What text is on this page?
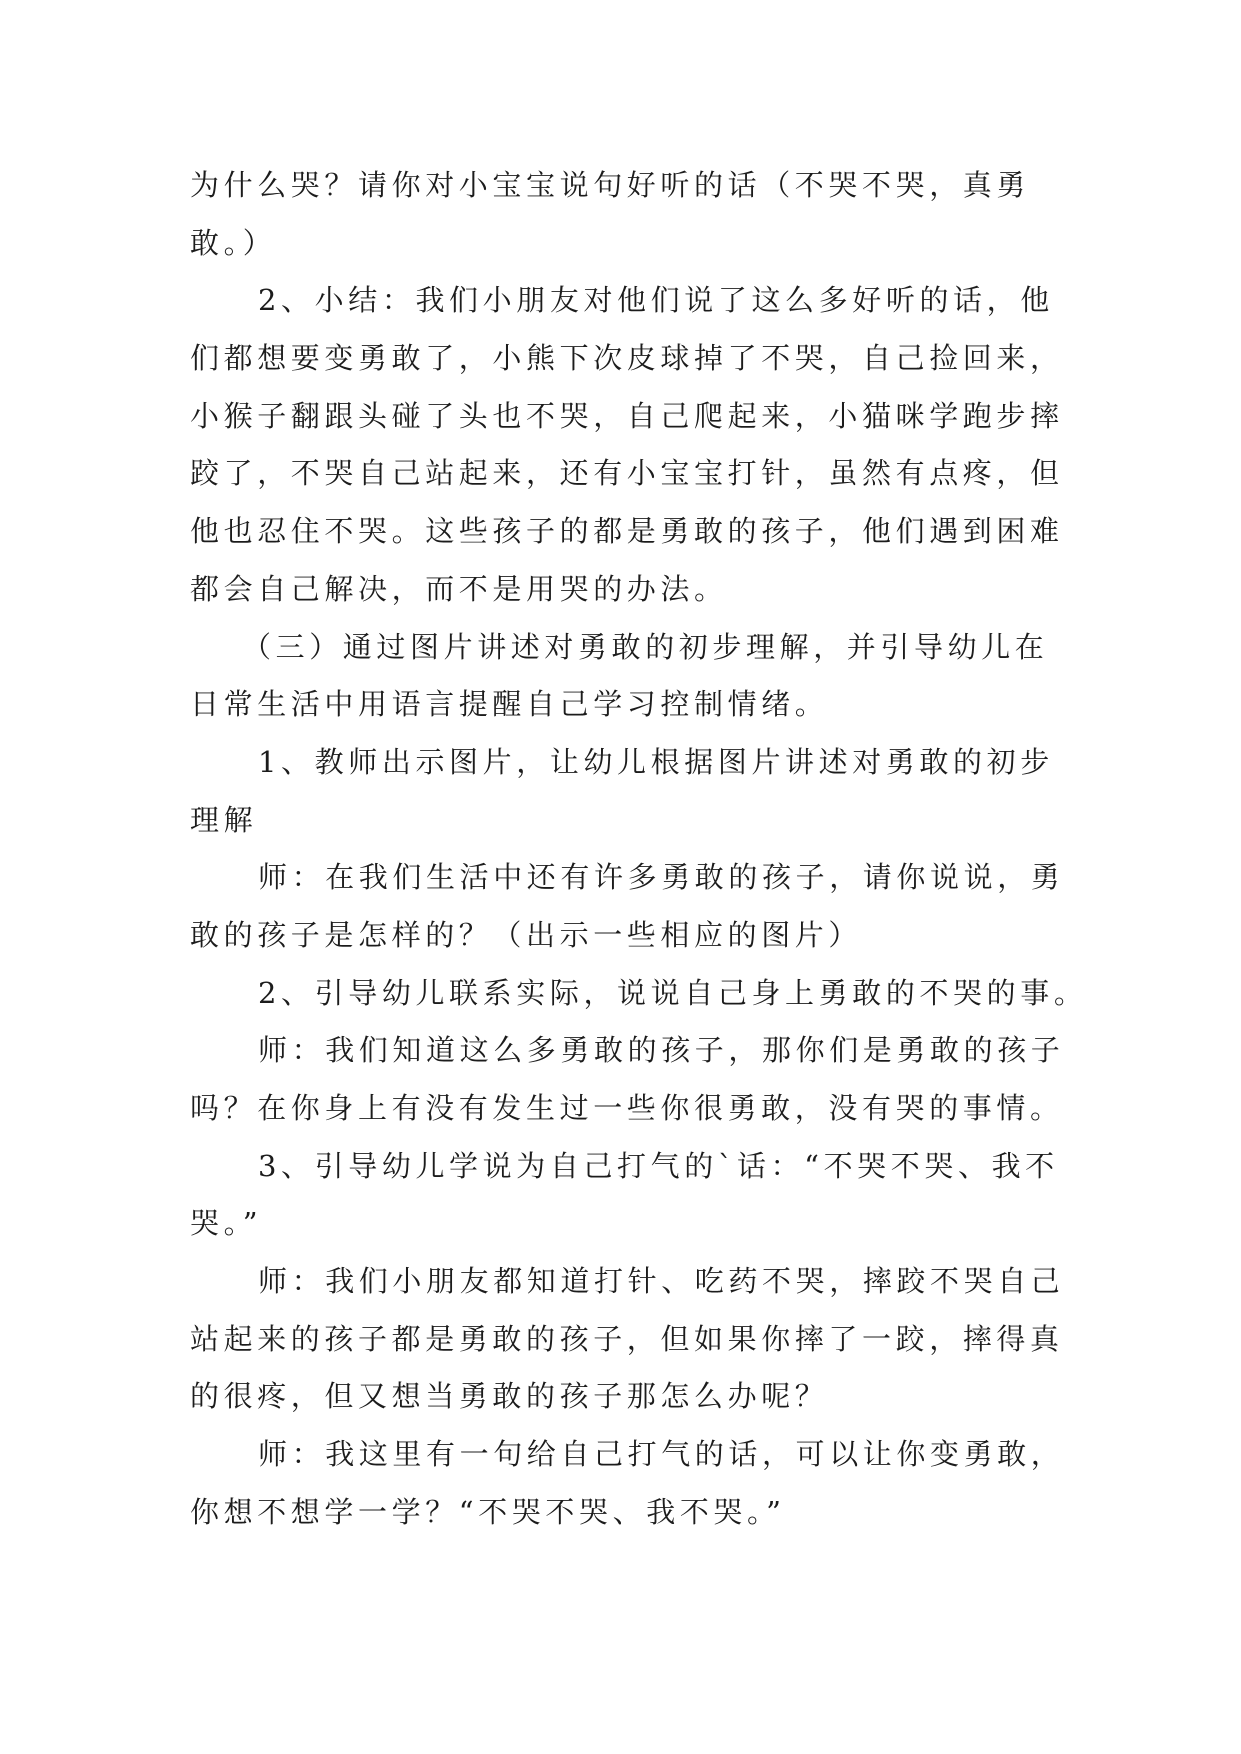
为什么哭？请你对小宝宝说句好听的话（不哭不哭，真勇
敢。）
2、小结：我们小朋友对他们说了这么多好听的话，他
们都想要变勇敢了，小熊下次皮球掉了不哭，自己捡回来，
小猴子翻跟头碰了头也不哭，自己爬起来，小猫咪学跑步摔
跤了，不哭自己站起来，还有小宝宝打针，虽然有点疼，但
他也忍住不哭。这些孩子的都是勇敢的孩子，他们遇到困难
都会自己解决，而不是用哭的办法。
（三）通过图片讲述对勇敢的初步理解，并引导幼儿在
日常生活中用语言提醒自己学习控制情绪。
1、教师出示图片，让幼儿根据图片讲述对勇敢的初步
理解
师：在我们生活中还有许多勇敢的孩子，请你说说，勇
敢的孩子是怎样的？（出示一些相应的图片）
2、引导幼儿联系实际，说说自己身上勇敢的不哭的事。
师：我们知道这么多勇敢的孩子，那你们是勇敢的孩子
吗？在你身上有没有发生过一些你很勇敢，没有哭的事情。
3、引导幼儿学说为自己打气的`话：“不哭不哭、我不
哭。”
师：我们小朋友都知道打针、吃药不哭，摔跤不哭自己
站起来的孩子都是勇敢的孩子，但如果你摔了一跤，摔得真
的很疼，但又想当勇敢的孩子那怎么办呢？
师：我这里有一句给自己打气的话，可以让你变勇敢，
你想不想学一学？“不哭不哭、我不哭。”
